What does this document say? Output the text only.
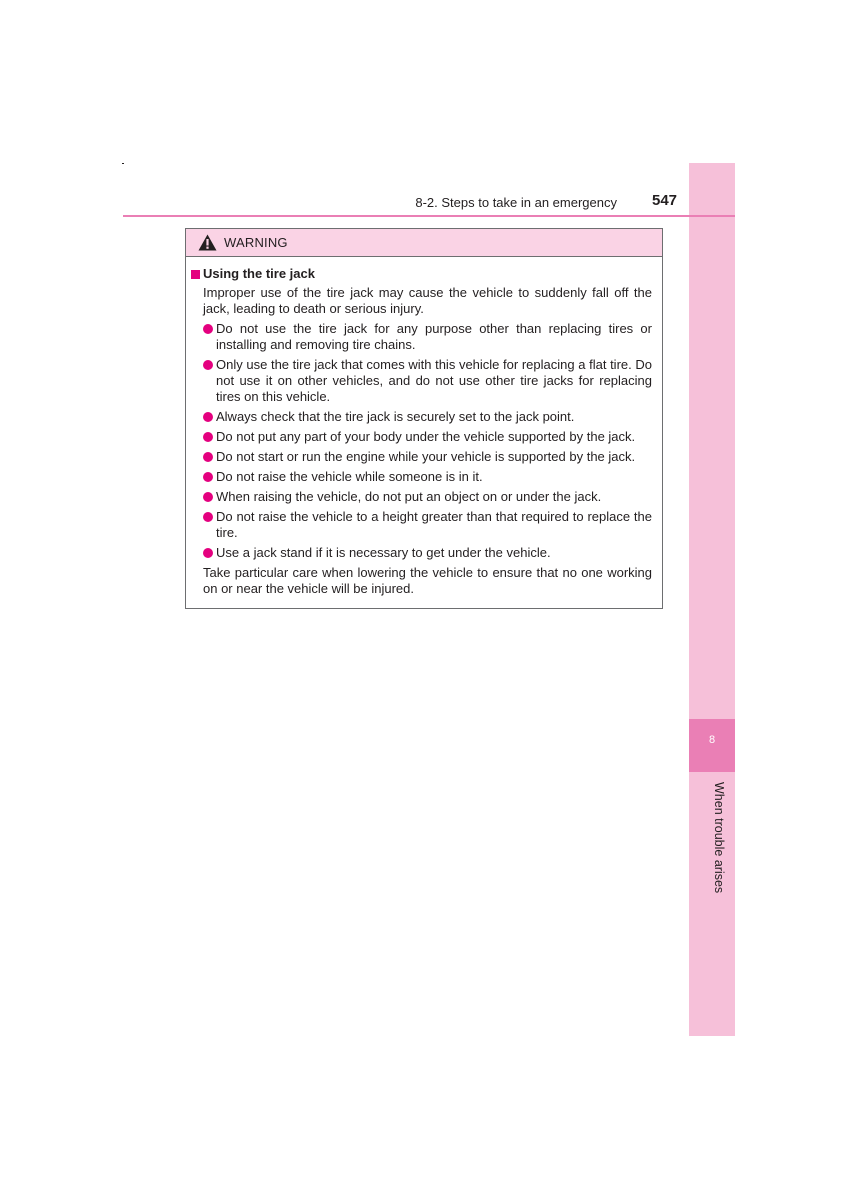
8
When trouble arises
8-2. Steps to take in an emergency 547
WARNING
Using the tire jack
Improper use of the tire jack may cause the vehicle to suddenly fall off the jack, leading to death or serious injury.
Do not use the tire jack for any purpose other than replacing tires or installing and removing tire chains.
Only use the tire jack that comes with this vehicle for replacing a flat tire. Do not use it on other vehicles, and do not use other tire jacks for replacing tires on this vehicle.
Always check that the tire jack is securely set to the jack point.
Do not put any part of your body under the vehicle supported by the jack.
Do not start or run the engine while your vehicle is supported by the jack.
Do not raise the vehicle while someone is in it.
When raising the vehicle, do not put an object on or under the jack.
Do not raise the vehicle to a height greater than that required to replace the tire.
Use a jack stand if it is necessary to get under the vehicle.
Take particular care when lowering the vehicle to ensure that no one working on or near the vehicle will be injured.
